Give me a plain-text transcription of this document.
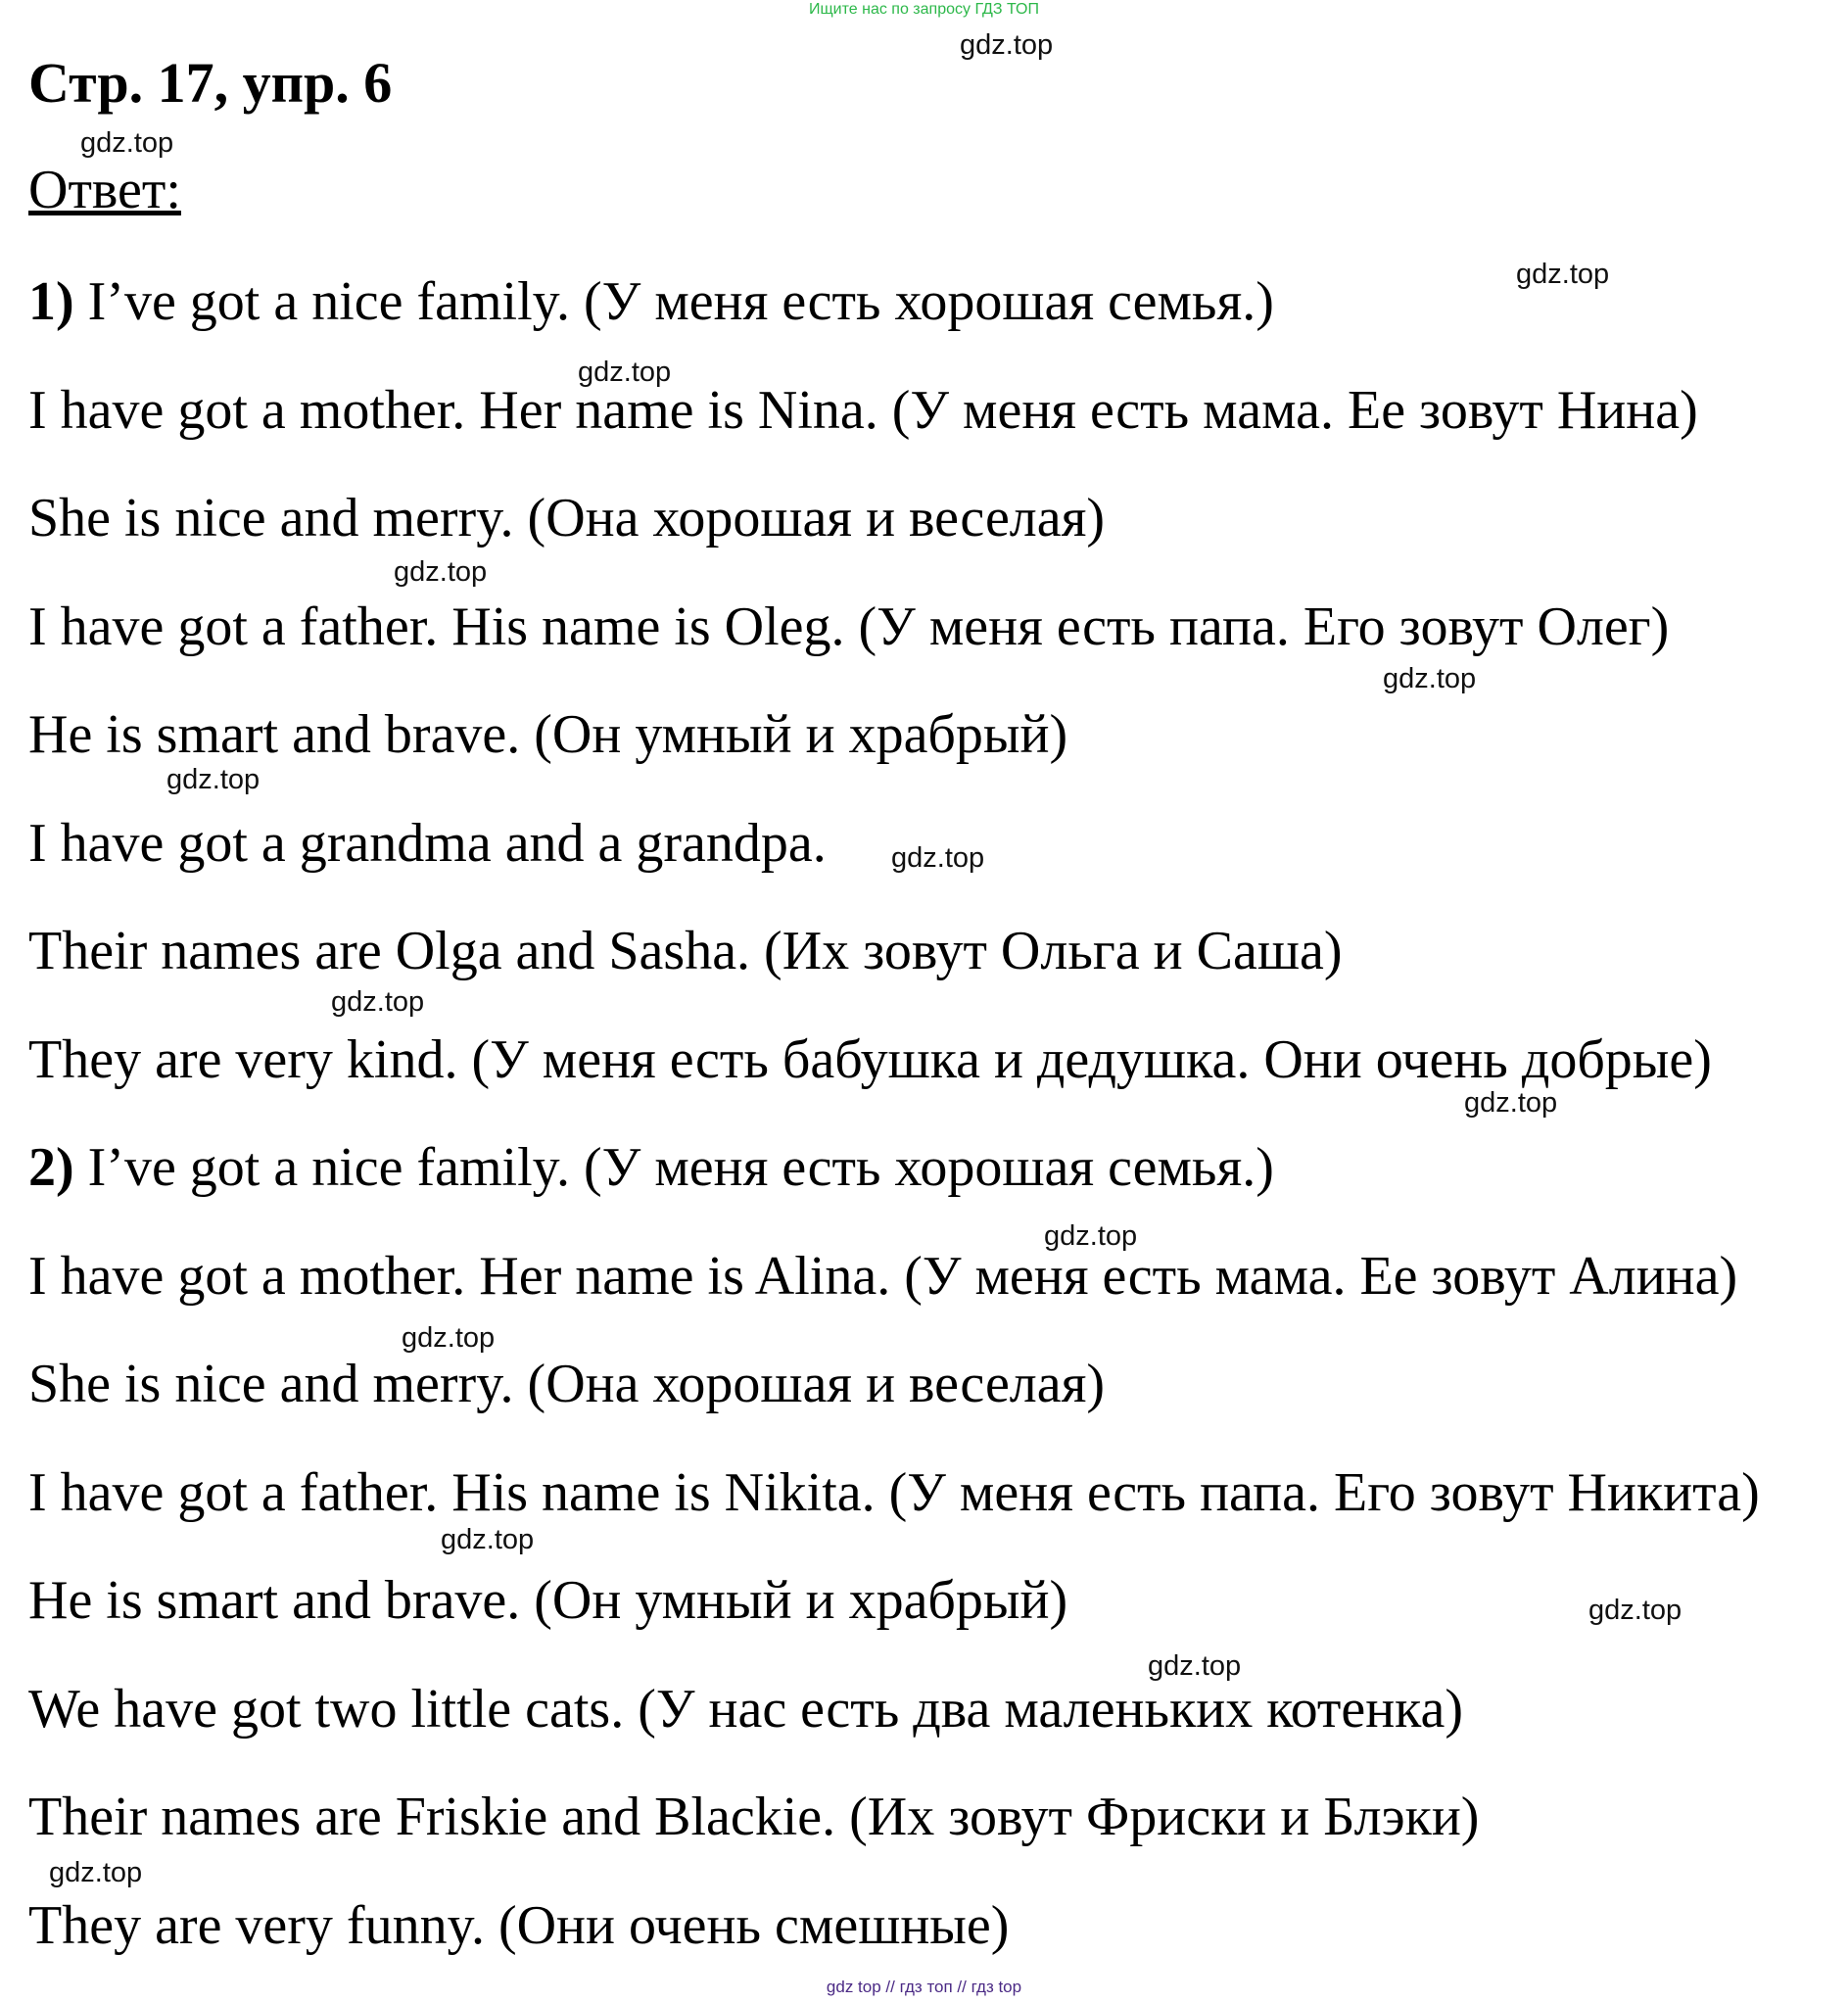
Ищите нас по запросу ГДЗ ТОП
Стр. 17, упр. 6
Ответ:
1) I’ve got a nice family. (У меня есть хорошая семья.)
I have got a mother. Her name is Nina. (У меня есть мама. Ее зовут Нина)
She is nice and merry. (Она хорошая и веселая)
I have got a father. His name is Oleg. (У меня есть папа. Его зовут Олег)
He is smart and brave. (Он умный и храбрый)
I have got a grandma and a grandpa.
Their names are Olga and Sasha. (Их зовут Ольга и Саша)
They are very kind. (У меня есть бабушка и дедушка. Они очень добрые)
2) I’ve got a nice family. (У меня есть хорошая семья.)
I have got a mother. Her name is Alina. (У меня есть мама. Ее зовут Алина)
She is nice and merry. (Она хорошая и веселая)
I have got a father. His name is Nikita. (У меня есть папа. Его зовут Никита)
He is smart and brave. (Он умный и храбрый)
We have got two little cats. (У нас есть два маленьких котенка)
Their names are Friskie and Blackie. (Их зовут Фриски и Блэки)
They are very funny. (Они очень смешные)
gdz.top
gdz.top
gdz.top
gdz.top
gdz.top
gdz.top
gdz.top
gdz.top
gdz.top
gdz.top
gdz.top
gdz.top
gdz.top
gdz.top
gdz.top
gdz.top
gdz top // гдз топ // гдз top
